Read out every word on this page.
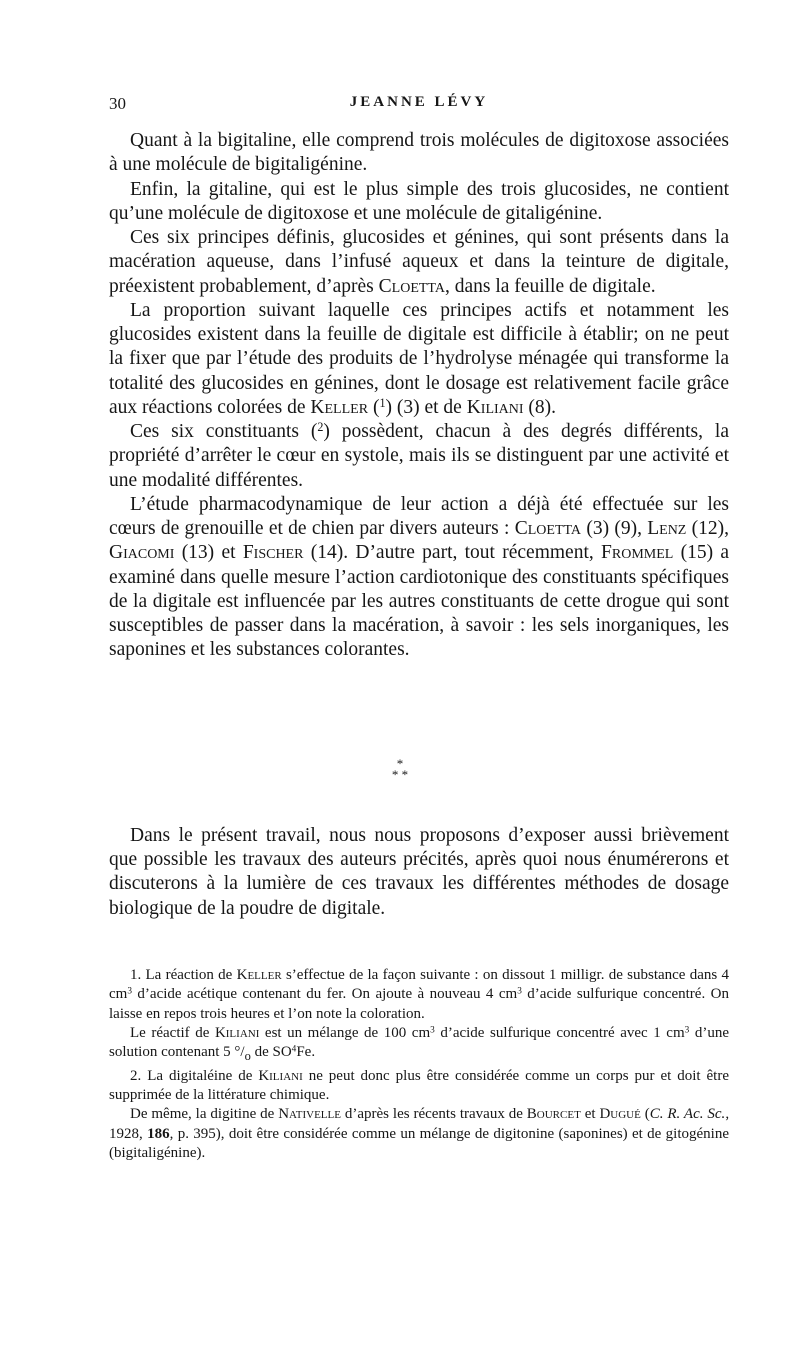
30	JEANNE LÉVY

Quant à la bigitaline, elle comprend trois molécules de digitoxose associées à une molécule de bigitaligénine.

Enfin, la gitaline, qui est le plus simple des trois glucosides, ne contient qu’une molécule de digitoxose et une molécule de gitaligénine.

Ces six principes définis, glucosides et génines, qui sont présents dans la macération aqueuse, dans l’infusé aqueux et dans la teinture de digitale, préexistent probablement, d’après Cloetta, dans la feuille de digitale.

La proportion suivant laquelle ces principes actifs et notamment les glucosides existent dans la feuille de digitale est difficile à établir; on ne peut la fixer que par l’étude des produits de l’hydrolyse ménagée qui transforme la totalité des glucosides en génines, dont le dosage est relativement facile grâce aux réactions colorées de Keller ($^1$) (3) et de Kiliani (8).

Ces six constituants ($^2$) possèdent, chacun à des degrés différents, la propriété d’arrêter le cœur en systole, mais ils se distinguent par une activité et une modalité différentes.

L’étude pharmacodynamique de leur action a déjà été effectuée sur les cœurs de grenouille et de chien par divers auteurs : Cloetta (3) (9), Lenz (12), Giacomi (13) et Fischer (14). D’autre part, tout récemment, Frommel (15) a examiné dans quelle mesure l’action cardiotonique des constituants spécifiques de la digitale est influencée par les autres constituants de cette drogue qui sont susceptibles de passer dans la macération, à savoir : les sels inorganiques, les saponines et les substances colorantes.

*
* *

Dans le présent travail, nous nous proposons d’exposer aussi brièvement que possible les travaux des auteurs précités, après quoi nous énumérerons et discuterons à la lumière de ces travaux les différentes méthodes de dosage biologique de la poudre de digitale.

1. La réaction de Keller s’effectue de la façon suivante : on dissout 1 milligr. de substance dans 4 $cm^3$ d’acide acétique contenant du fer. On ajoute à nouveau 4 $cm^3$ d’acide sulfurique concentré. On laisse en repos trois heures et l’on note la coloration.

Le réactif de Kiliani est un mélange de 100 $cm^3$ d’acide sulfurique concentré avec 1 $cm^3$ d’une solution contenant 5 $^\circ/_o$ de $SO^4Fe$.

2. La digitaléine de Kiliani ne peut donc plus être considérée comme un corps pur et doit être supprimée de la littérature chimique.

De même, la digitine de Nativelle d’après les récents travaux de Bourcet et Dugué (C. R. Ac. Sc., 1928, 186, p. 395), doit être considérée comme un mélange de digitonine (saponines) et de gitogénine (bigitaligénine).
